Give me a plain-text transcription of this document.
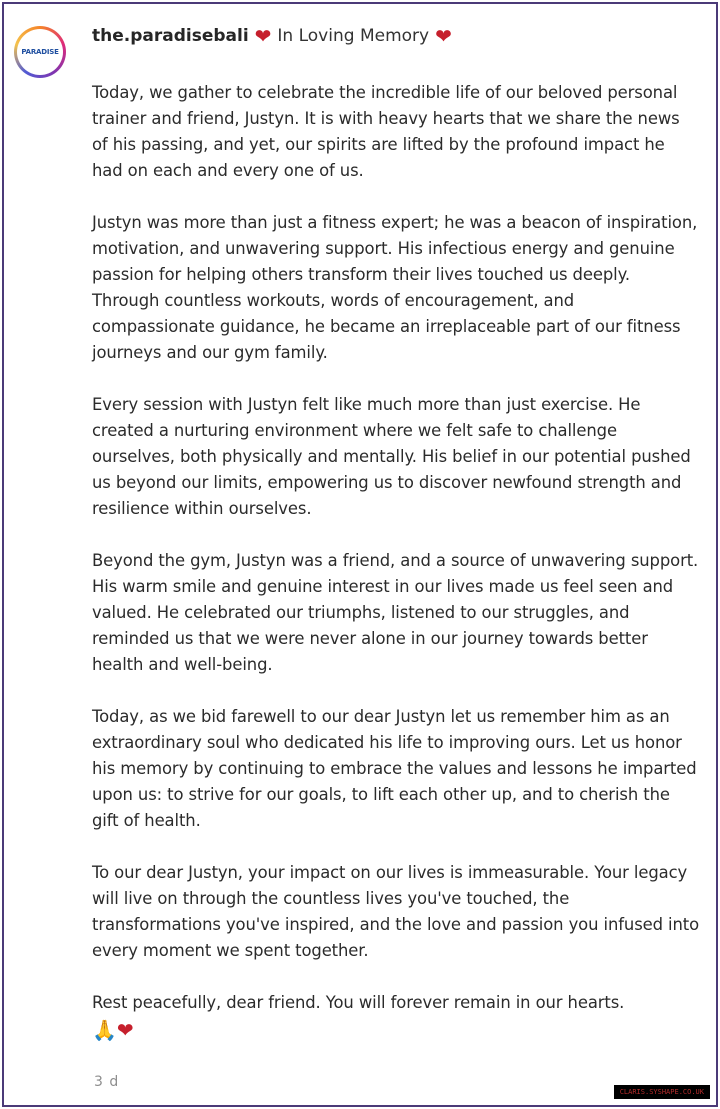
PARADISE
the.paradisebali ❤ In Loving Memory ❤

Today, we gather to celebrate the incredible life of our beloved personal trainer and friend, Justyn. It is with heavy hearts that we share the news of his passing, and yet, our spirits are lifted by the profound impact he had on each and every one of us.

Justyn was more than just a fitness expert; he was a beacon of inspiration, motivation, and unwavering support. His infectious energy and genuine passion for helping others transform their lives touched us deeply. Through countless workouts, words of encouragement, and compassionate guidance, he became an irreplaceable part of our fitness journeys and our gym family.

Every session with Justyn felt like much more than just exercise. He created a nurturing environment where we felt safe to challenge ourselves, both physically and mentally. His belief in our potential pushed us beyond our limits, empowering us to discover newfound strength and resilience within ourselves.

Beyond the gym, Justyn was a friend, and a source of unwavering support. His warm smile and genuine interest in our lives made us feel seen and valued. He celebrated our triumphs, listened to our struggles, and reminded us that we were never alone in our journey towards better health and well-being.

Today, as we bid farewell to our dear Justyn let us remember him as an extraordinary soul who dedicated his life to improving ours. Let us honor his memory by continuing to embrace the values and lessons he imparted upon us: to strive for our goals, to lift each other up, and to cherish the gift of health.

To our dear Justyn, your impact on our lives is immeasurable. Your legacy will live on through the countless lives you've touched, the transformations you've inspired, and the love and passion you infused into every moment we spent together.

Rest peacefully, dear friend. You will forever remain in our hearts.

🙏❤
3 d
CLARIS.SYSHAPE.CO.UK
